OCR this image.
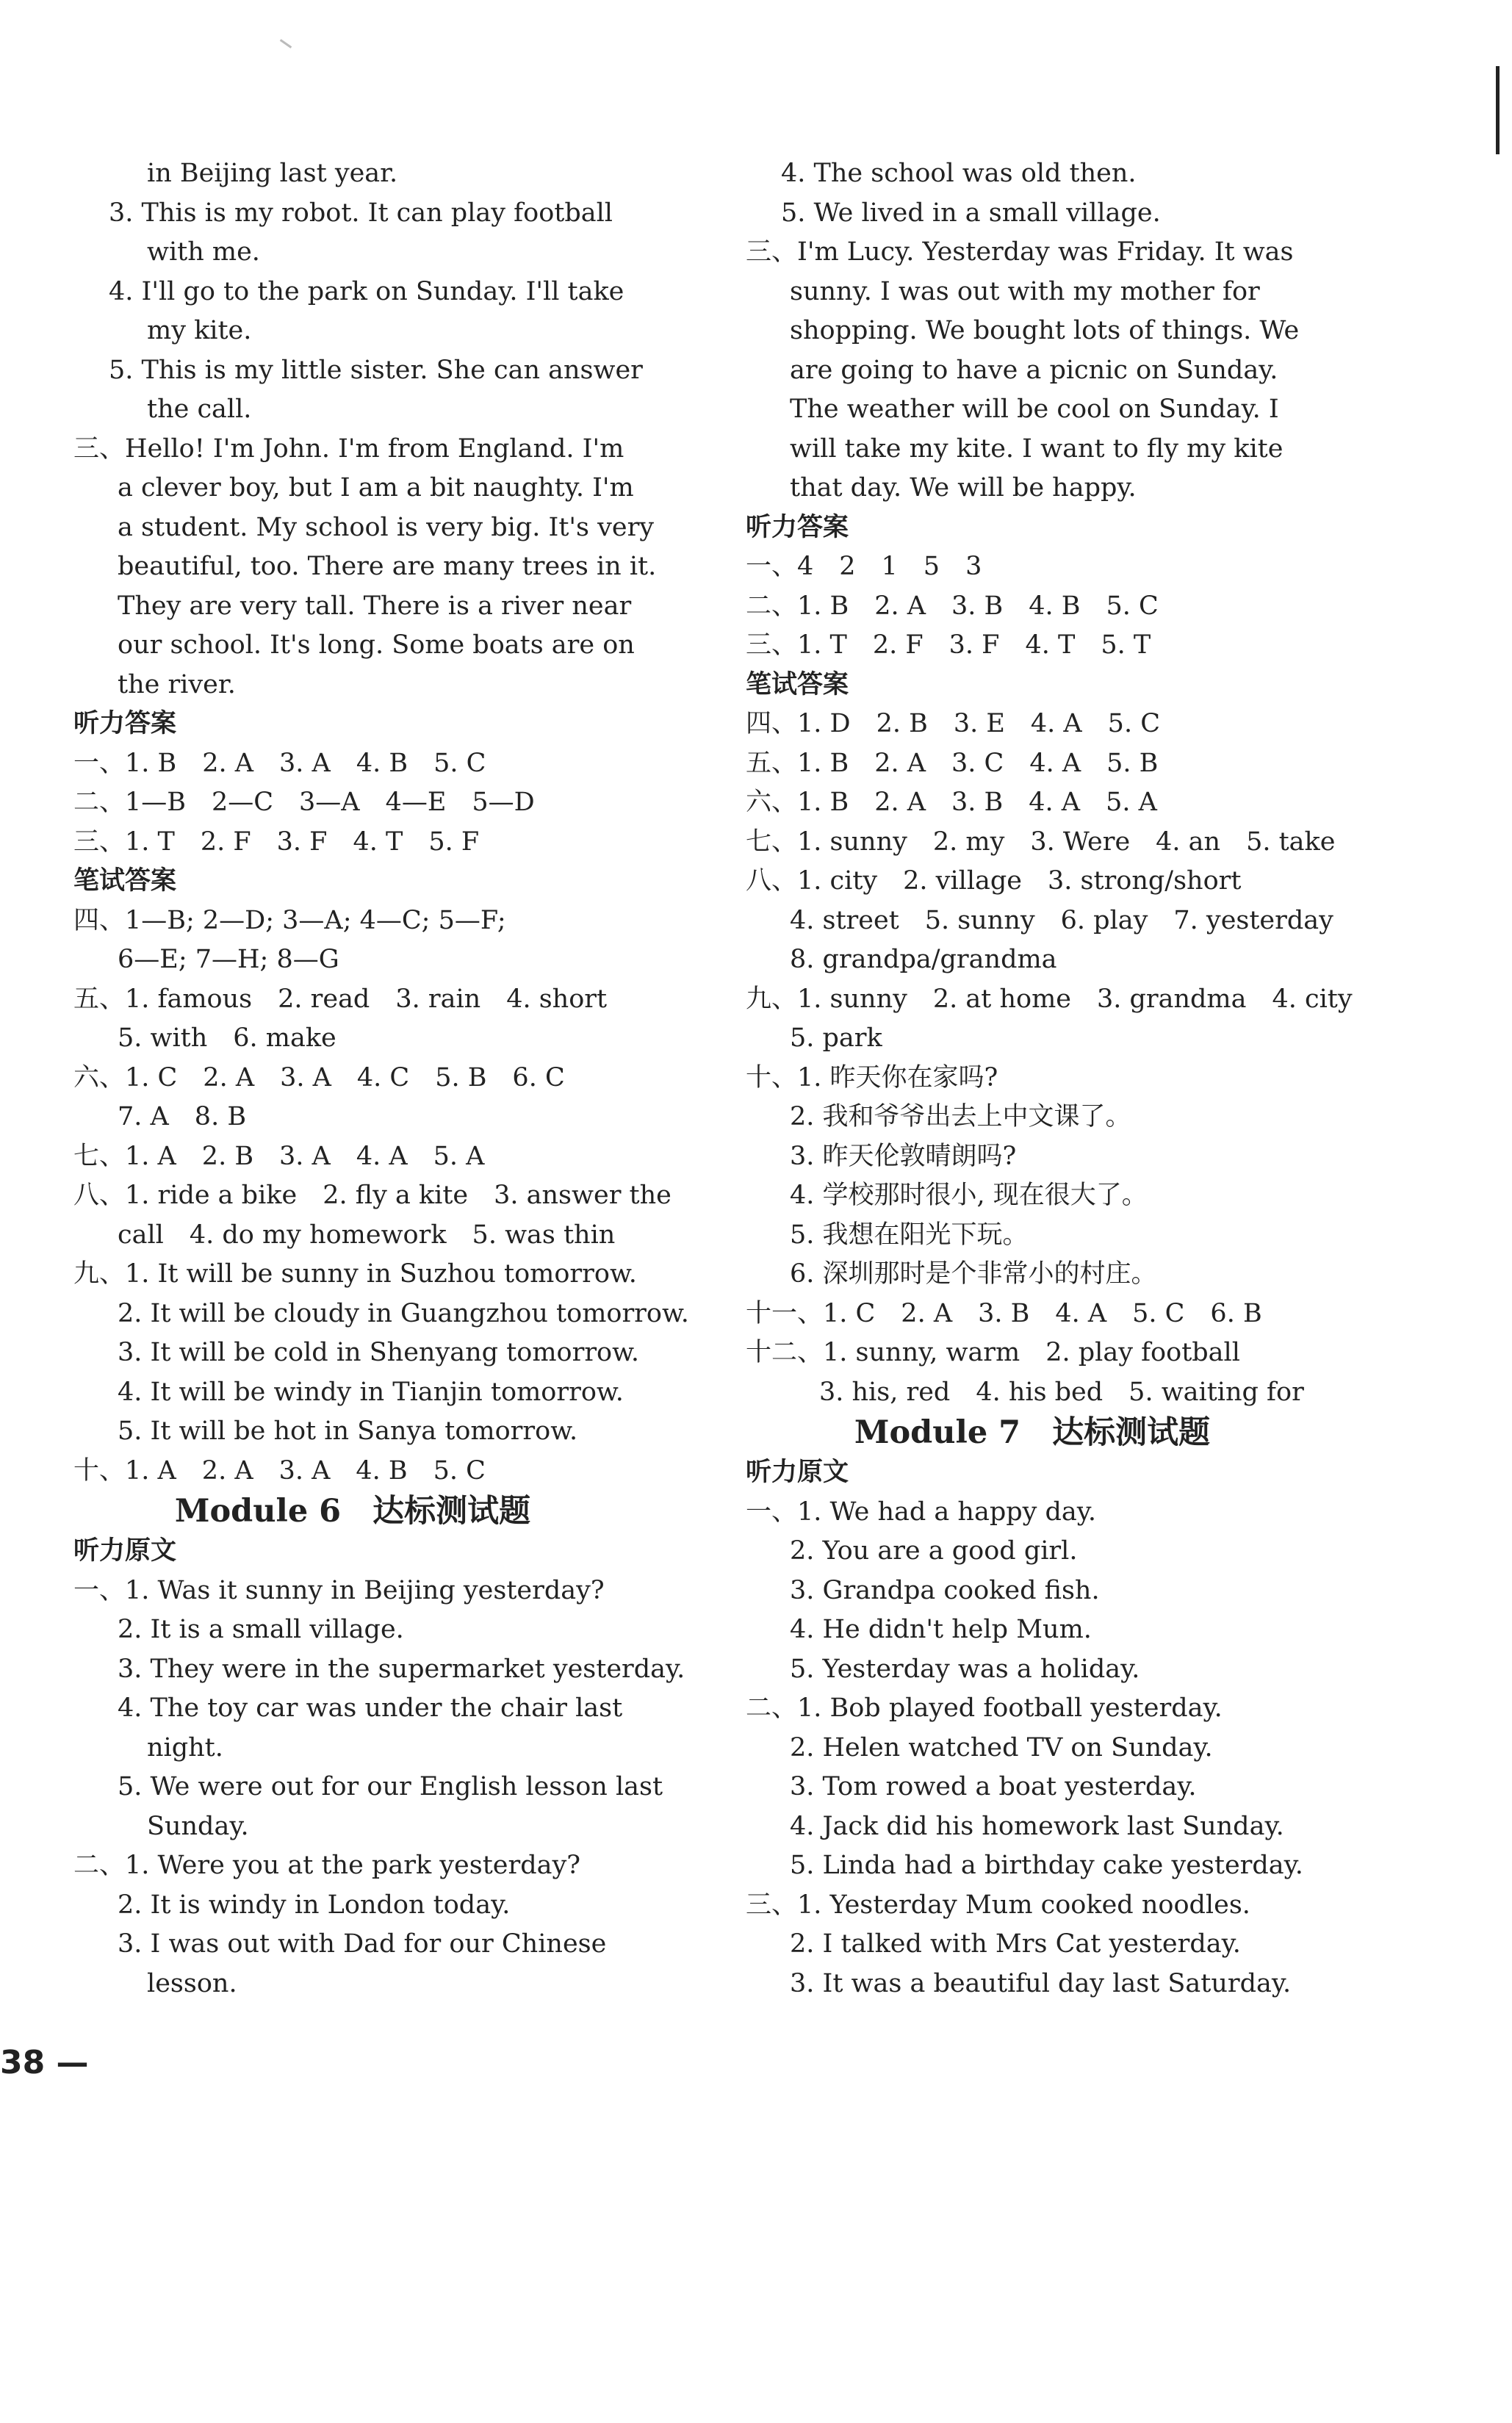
in Beijing last year.
3. This is my robot. It can play football
with me.
4. I'll go to the park on Sunday. I'll take
my kite.
5. This is my little sister. She can answer
the call.
三、Hello! I'm John. I'm from England. I'm
a clever boy, but I am a bit naughty. I'm
a student. My school is very big. It's very
beautiful, too. There are many trees in it.
They are very tall. There is a river near
our school. It's long. Some boats are on
the river.
听力答案
一、1. B　2. A　3. A　4. B　5. C
二、1—B　2—C　3—A　4—E　5—D
三、1. T　2. F　3. F　4. T　5. F
笔试答案
四、1—B; 2—D; 3—A; 4—C; 5—F;
6—E; 7—H; 8—G
五、1. famous　2. read　3. rain　4. short
5. with　6. make
六、1. C　2. A　3. A　4. C　5. B　6. C
7. A　8. B
七、1. A　2. B　3. A　4. A　5. A
八、1. ride a bike　2. fly a kite　3. answer the
call　4. do my homework　5. was thin
九、1. It will be sunny in Suzhou tomorrow.
2. It will be cloudy in Guangzhou tomorrow.
3. It will be cold in Shenyang tomorrow.
4. It will be windy in Tianjin tomorrow.
5. It will be hot in Sanya tomorrow.
十、1. A　2. A　3. A　4. B　5. C
Module 6　达标测试题
听力原文
一、1. Was it sunny in Beijing yesterday?
2. It is a small village.
3. They were in the supermarket yesterday.
4. The toy car was under the chair last
night.
5. We were out for our English lesson last
Sunday.
二、1. Were you at the park yesterday?
2. It is windy in London today.
3. I was out with Dad for our Chinese
lesson.
4. The school was old then.
5. We lived in a small village.
三、I'm Lucy. Yesterday was Friday. It was
sunny. I was out with my mother for
shopping. We bought lots of things. We
are going to have a picnic on Sunday.
The weather will be cool on Sunday. I
will take my kite. I want to fly my kite
that day. We will be happy.
听力答案
一、4　2　1　5　3
二、1. B　2. A　3. B　4. B　5. C
三、1. T　2. F　3. F　4. T　5. T
笔试答案
四、1. D　2. B　3. E　4. A　5. C
五、1. B　2. A　3. C　4. A　5. B
六、1. B　2. A　3. B　4. A　5. A
七、1. sunny　2. my　3. Were　4. an　5. take
八、1. city　2. village　3. strong/short
4. street　5. sunny　6. play　7. yesterday
8. grandpa/grandma
九、1. sunny　2. at home　3. grandma　4. city
5. park
十、1. 昨天你在家吗?
2. 我和爷爷出去上中文课了。
3. 昨天伦敦晴朗吗?
4. 学校那时很小, 现在很大了。
5. 我想在阳光下玩。
6. 深圳那时是个非常小的村庄。
十一、1. C　2. A　3. B　4. A　5. C　6. B
十二、1. sunny, warm　2. play football
3. his, red　4. his bed　5. waiting for
Module 7　达标测试题
听力原文
一、1. We had a happy day.
2. You are a good girl.
3. Grandpa cooked fish.
4. He didn't help Mum.
5. Yesterday was a holiday.
二、1. Bob played football yesterday.
2. Helen watched TV on Sunday.
3. Tom rowed a boat yesterday.
4. Jack did his homework last Sunday.
5. Linda had a birthday cake yesterday.
三、1. Yesterday Mum cooked noodles.
2. I talked with Mrs Cat yesterday.
3. It was a beautiful day last Saturday.
38 —
